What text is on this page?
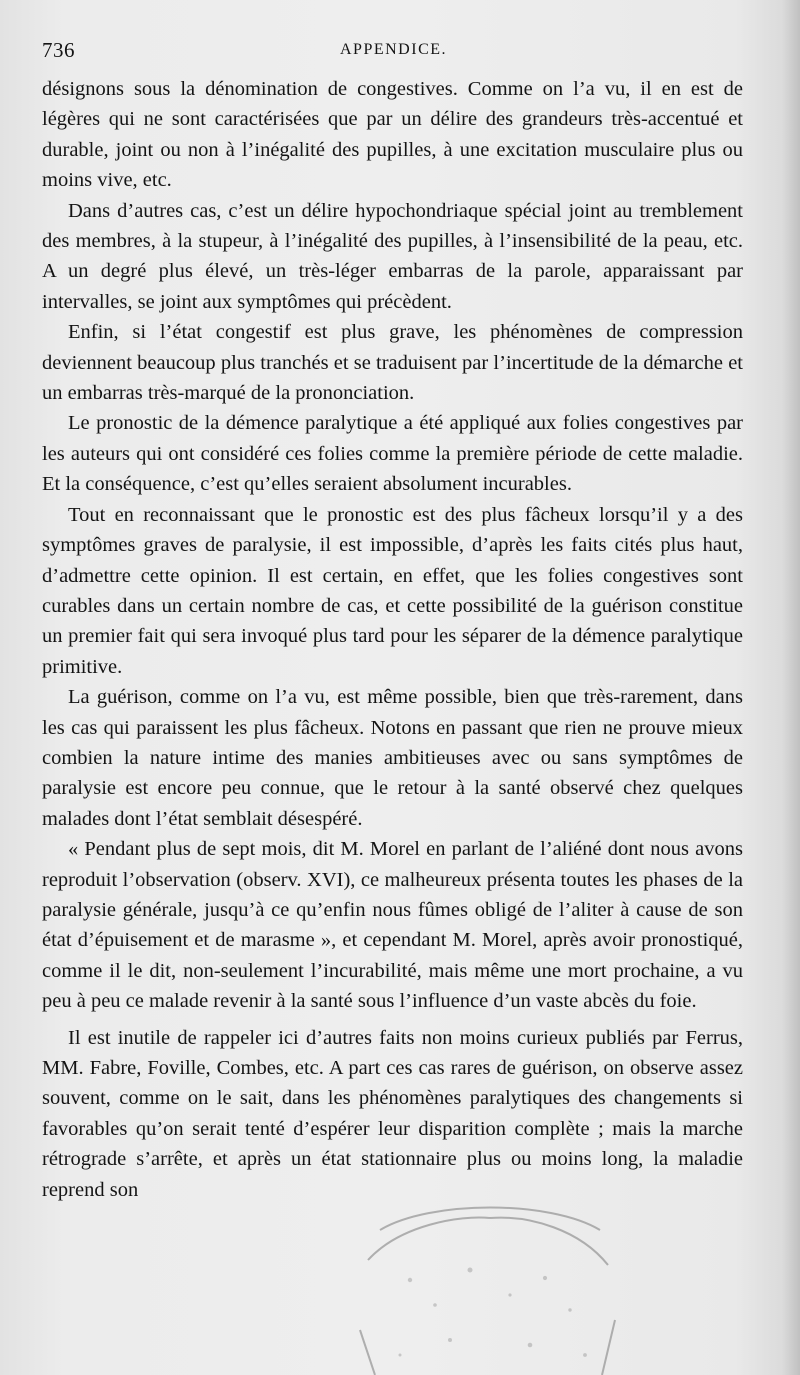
736	APPENDICE.

désignons sous la dénomination de congestives. Comme on l’a vu, il en est de légères qui ne sont caractérisées que par un délire des grandeurs très-accentué et durable, joint ou non à l’inégalité des pupilles, à une excitation musculaire plus ou moins vive, etc.

Dans d’autres cas, c’est un délire hypochondriaque spécial joint au tremblement des membres, à la stupeur, à l’inégalité des pupilles, à l’insensibilité de la peau, etc. A un degré plus élevé, un très-léger embarras de la parole, apparaissant par intervalles, se joint aux symptômes qui précèdent.

Enfin, si l’état congestif est plus grave, les phénomènes de compression deviennent beaucoup plus tranchés et se traduisent par l’incertitude de la démarche et un embarras très-marqué de la prononciation.

Le pronostic de la démence paralytique a été appliqué aux folies congestives par les auteurs qui ont considéré ces folies comme la première période de cette maladie. Et la conséquence, c’est qu’elles seraient absolument incurables.

Tout en reconnaissant que le pronostic est des plus fâcheux lorsqu’il y a des symptômes graves de paralysie, il est impossible, d’après les faits cités plus haut, d’admettre cette opinion. Il est certain, en effet, que les folies congestives sont curables dans un certain nombre de cas, et cette possibilité de la guérison constitue un premier fait qui sera invoqué plus tard pour les séparer de la démence paralytique primitive.

La guérison, comme on l’a vu, est même possible, bien que très-rarement, dans les cas qui paraissent les plus fâcheux. Notons en passant que rien ne prouve mieux combien la nature intime des manies ambitieuses avec ou sans symptômes de paralysie est encore peu connue, que le retour à la santé observé chez quelques malades dont l’état semblait désespéré.

« Pendant plus de sept mois, dit M. Morel en parlant de l’aliéné dont nous avons reproduit l’observation (observ. XVI), ce malheureux présenta toutes les phases de la paralysie générale, jusqu’à ce qu’enfin nous fûmes obligé de l’aliter à cause de son état d’épuisement et de marasme », et cependant M. Morel, après avoir pronostiqué, comme il le dit, non-seulement l’incurabilité, mais même une mort prochaine, a vu peu à peu ce malade revenir à la santé sous l’influence d’un vaste abcès du foie.

Il est inutile de rappeler ici d’autres faits non moins curieux publiés par Ferrus, MM. Fabre, Foville, Combes, etc. A part ces cas rares de guérison, on observe assez souvent, comme on le sait, dans les phénomènes paralytiques des changements si favorables qu’on serait tenté d’espérer leur disparition complète ; mais la marche rétrograde s’arrête, et après un état stationnaire plus ou moins long, la maladie reprend son
